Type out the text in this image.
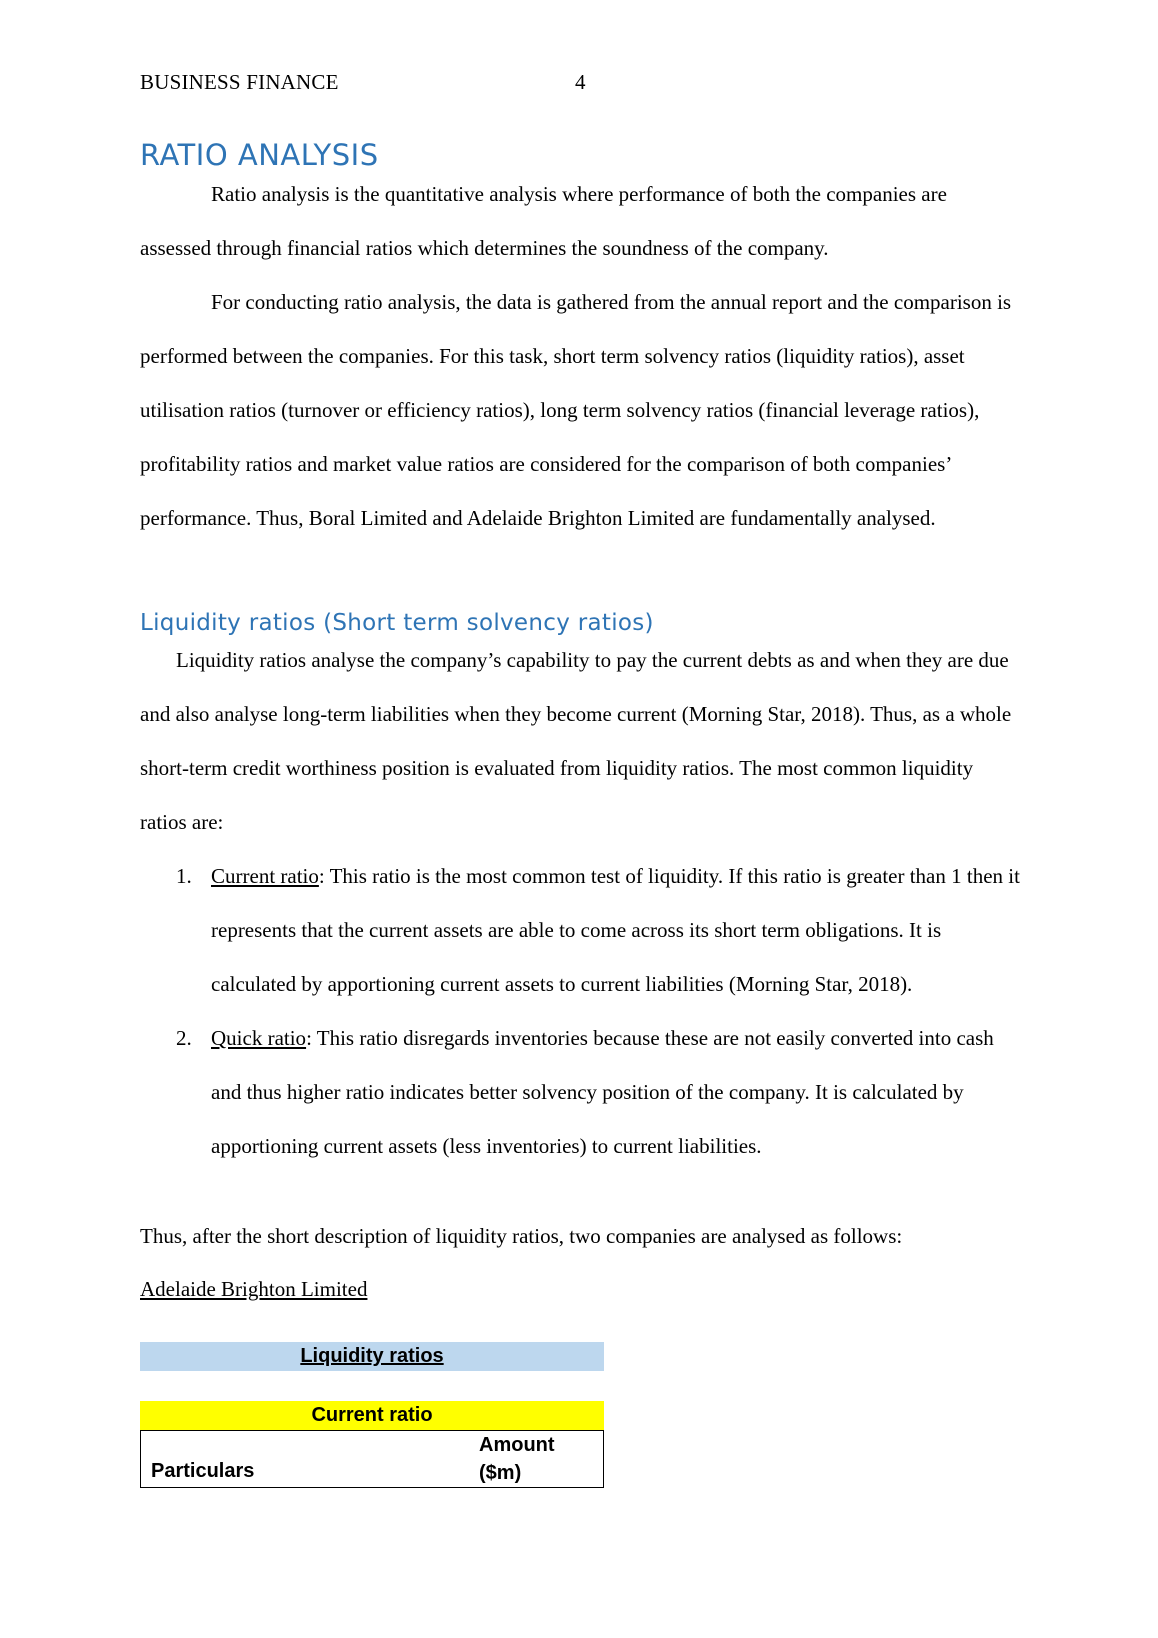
BUSINESS FINANCE	4
RATIO ANALYSIS

Ratio analysis is the quantitative analysis where performance of both the companies are assessed through financial ratios which determines the soundness of the company.

For conducting ratio analysis, the data is gathered from the annual report and the comparison is performed between the companies. For this task, short term solvency ratios (liquidity ratios), asset utilisation ratios (turnover or efficiency ratios), long term solvency ratios (financial leverage ratios), profitability ratios and market value ratios are considered for the comparison of both companies’ performance. Thus, Boral Limited and Adelaide Brighton Limited are fundamentally analysed.

Liquidity ratios (Short term solvency ratios)

Liquidity ratios analyse the company’s capability to pay the current debts as and when they are due and also analyse long-term liabilities when they become current (Morning Star, 2018). Thus, as a whole short-term credit worthiness position is evaluated from liquidity ratios. The most common liquidity ratios are:

1. Current ratio: This ratio is the most common test of liquidity. If this ratio is greater than 1 then it represents that the current assets are able to come across its short term obligations. It is calculated by apportioning current assets to current liabilities (Morning Star, 2018).
2. Quick ratio: This ratio disregards inventories because these are not easily converted into cash and thus higher ratio indicates better solvency position of the company. It is calculated by apportioning current assets (less inventories) to current liabilities.
Thus, after the short description of liquidity ratios, two companies are analysed as follows:
Adelaide Brighton Limited
Liquidity ratios
Current ratio
Particulars
Amount ($m)
